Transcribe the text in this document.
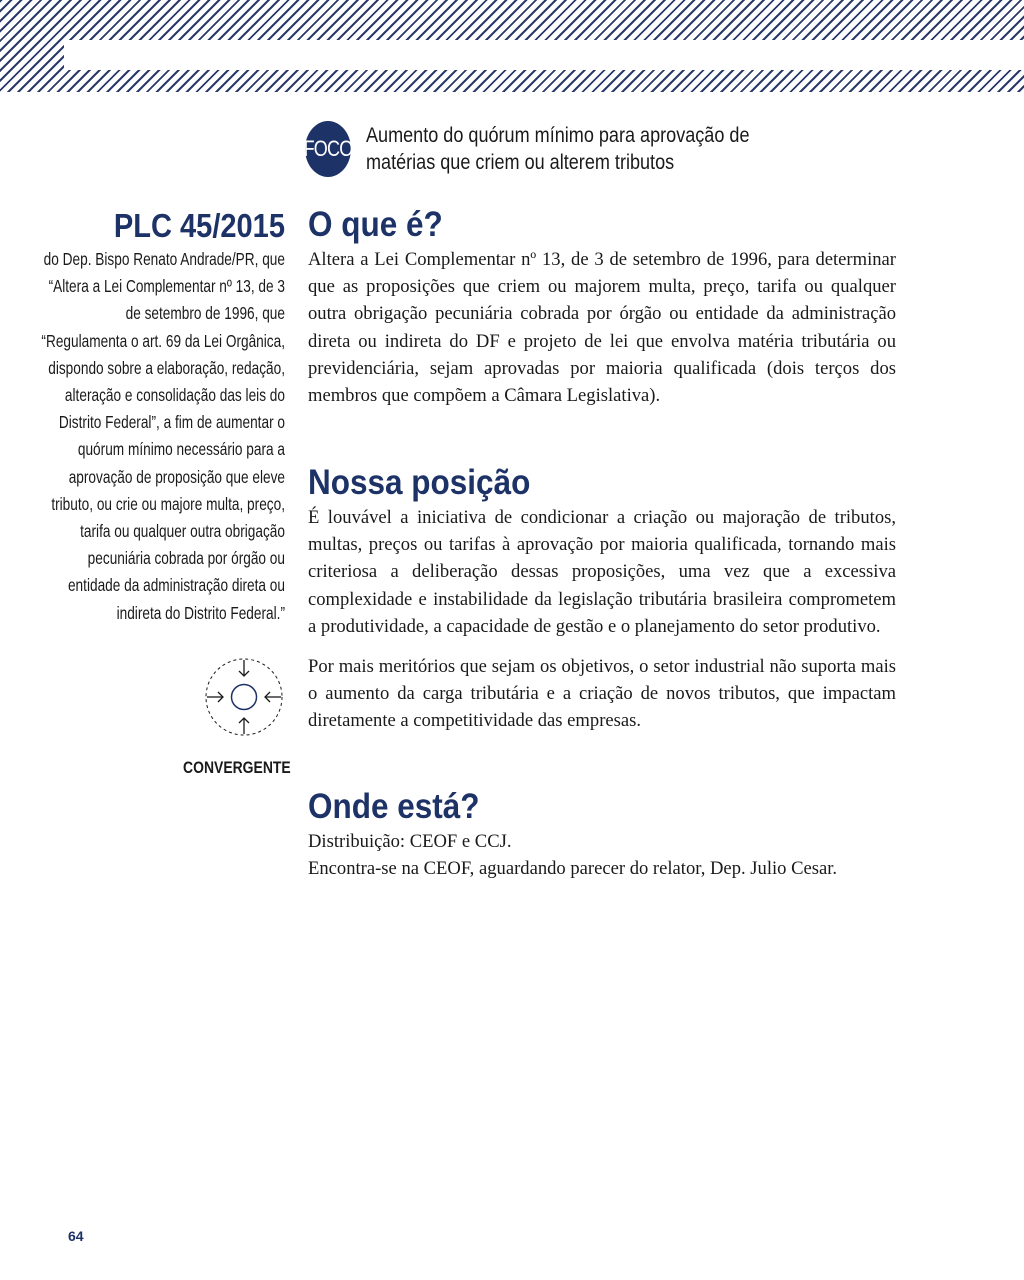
FOCO
Aumento do quórum mínimo para aprovação de
matérias que criem ou alterem tributos
PLC 45/2015
do Dep. Bispo Renato Andrade/PR, que “Altera a Lei Complementar nº 13, de 3 de setembro de 1996, que “Regulamenta o art. 69 da Lei Orgânica, dispondo sobre a elaboração, redação, alteração e consolidação das leis do Distrito Federal”, a fim de aumentar o quórum mínimo necessário para a aprovação de proposição que eleve tributo, ou crie ou majore multa, preço, tarifa ou qualquer outra obrigação pecuniária cobrada por órgão ou entidade da administração direta ou indireta do Distrito Federal.”
CONVERGENTE
O que é?

Altera a Lei Complementar nº 13, de 3 de setembro de 1996, para determinar que as proposições que criem ou majorem multa, preço, tarifa ou qualquer outra obrigação pecuniária cobrada por órgão ou entidade da administração direta ou indireta do DF e projeto de lei que envolva matéria tributária ou previdenciária, sejam aprovadas por maioria qualificada (dois terços dos membros que compõem a Câmara Legislativa).

Nossa posição

É louvável a iniciativa de condicionar a criação ou majoração de tributos, multas, preços ou tarifas à aprovação por maioria qualificada, tornando mais criteriosa a deliberação dessas proposições, uma vez que a excessiva complexidade e instabilidade da legislação tributária brasileira comprometem a produtividade, a capacidade de gestão e o planejamento do setor produtivo.

Por mais meritórios que sejam os objetivos, o setor industrial não suporta mais o aumento da carga tributária e a criação de novos tributos, que impactam diretamente a competitividade das empresas.

Onde está?

Distribuição: CEOF e CCJ.

Encontra-se na CEOF, aguardando parecer do relator, Dep. Julio Cesar.

64
